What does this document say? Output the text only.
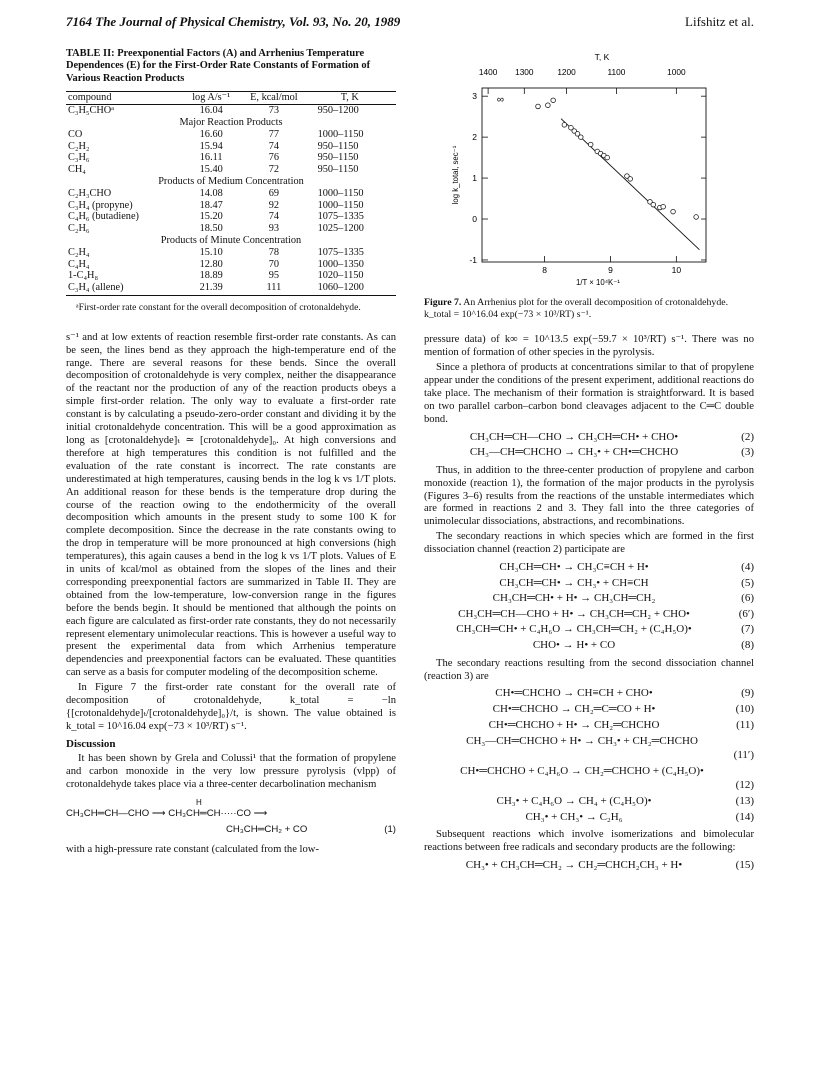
7164 The Journal of Physical Chemistry, Vol. 93, No. 20, 1989	Lifshitz et al.
TABLE II: Preexponential Factors (A) and Arrhenius Temperature Dependences (E) for the First-Order Rate Constants of Formation of Various Reaction Products
compound	log A/s⁻¹	E, kcal/mol	T, K
C₃H₅CHOᵃ	16.04	73	950–1200
Major Reaction Products			
CO	16.60	77	1000–1150
C₂H₂	15.94	74	950–1150
C₃H₆	16.11	76	950–1150
CH₄	15.40	72	950–1150
Products of Medium Concentration			
C₂H₃CHO	14.08	69	1000–1150
C₃H₄ (propyne)	18.47	92	1000–1150
C₄H₆ (butadiene)	15.20	74	1075–1335
C₂H₆	18.50	93	1025–1200
Products of Minute Concentration			
C₂H₄	15.10	78	1075–1335
C₄H₄	12.80	70	1000–1350
1-C₄H₈	18.89	95	1020–1150
C₃H₄ (allene)	21.39	111	1060–1200
ᵃFirst-order rate constant for the overall decomposition of crotonaldehyde.

s⁻¹ and at low extents of reaction resemble first-order rate constants. As can be seen, the lines bend as they approach the high-temperature end of the range. There are several reasons for these bends. Since the overall decomposition of crotonaldehyde is very complex, neither the disappearance of the reactant nor the production of any of the reaction products obeys a simple first-order relation. The only way to evaluate a first-order rate constant is by calculating a pseudo-zero-order constant and dividing it by the initial crotonaldehyde concentration. This will be a good approximation as long as [crotonaldehyde]ₜ ≃ [crotonaldehyde]₀. At high conversions and therefore at high temperatures this condition is not fulfilled and the evaluation of the rate constant is incorrect. The rate constants are underestimated at high temperatures, causing bends in the log k vs 1/T plots. An additional reason for these bends is the temperature drop during the course of the reaction owing to the endothermicity of the overall decomposition which amounts in the present study to some 100 K for complete decomposition. Since the decrease in the rate constants owing to the drop in temperature will be more pronounced at high conversions (high temperatures), this again causes a bend in the log k vs 1/T plots. Values of E in units of kcal/mol as obtained from the slopes of the lines and their corresponding preexponential factors are summarized in Table II. They are obtained from the low-temperature, low-conversion range in the figures before the bends begin. It should be mentioned that although the points on each figure are calculated as first-order rate constants, they do not necessarily represent elementary unimolecular reactions. This is however a useful way to present the experimental data from which Arrhenius temperature dependencies and preexponential factors can be evaluated. These quantities can serve as a basis for computer modeling of the decomposition scheme.

In Figure 7 the first-order rate constant for the overall rate of decomposition of crotonaldehyde, k_total = −ln {[crotonaldehyde]ₜ/[crotonaldehyde]₀}/t, is shown. The value obtained is k_total = 10^16.04 exp(−73 × 10³/RT) s⁻¹.

Discussion

It has been shown by Grela and Colussi¹ that the formation of propylene and carbon monoxide in the very low pressure pyrolysis (vlpp) of crotonaldehyde takes place via a three-center decarbolination mechanism

H
CH₃CH═CH—CHO ⟶ CH₃CH═CH·····CO ⟶
CH₃CH═CH₂ + CO	(1)

with a high-pressure rate constant (calculated from the low-

T, K
1400 1300	1200	1100	1000
8	9	10
1/T × 10⁴K⁻¹
-1
0
1
2
3
log k_total, sec⁻¹
∞
Figure 7. An Arrhenius plot for the overall decomposition of crotonaldehyde. k_total = 10^16.04 exp(−73 × 10³/RT) s⁻¹.

pressure data) of k∞ = 10^13.5 exp(−59.7 × 10³/RT) s⁻¹. There was no mention of formation of other species in the pyrolysis.

Since a plethora of products at concentrations similar to that of propylene appear under the conditions of the present experiment, additional reactions do take place. The mechanism of their formation is straightforward. It is based on two parallel carbon–carbon bond cleavages adjacent to the C═C double bond.

CH₃CH═CH—CHO → CH₃CH═CH• + CHO•	(2)
CH₃—CH═CHCHO → CH₃• + CH•═CHCHO	(3)

Thus, in addition to the three-center production of propylene and carbon monoxide (reaction 1), the formation of the major products in the pyrolysis (Figures 3–6) results from the reactions of the unstable intermediates which are formed in reactions 2 and 3. They fall into the three categories of unimolecular dissociations, abstractions, and recombinations.

The secondary reactions in which species which are formed in the first dissociation channel (reaction 2) participate are

CH₃CH═CH• → CH₃C≡CH + H•	(4)
CH₃CH═CH• → CH₃• + CH≡CH	(5)
CH₃CH═CH• + H• → CH₃CH═CH₂	(6)
CH₃CH═CH—CHO + H• → CH₃CH═CH₂ + CHO•	(6′)
CH₃CH═CH• + C₄H₆O → CH₃CH═CH₂ + (C₄H₅O)•	(7)
CHO• → H• + CO	(8)

The secondary reactions resulting from the second dissociation channel (reaction 3) are

CH•═CHCHO → CH≡CH + CHO•	(9)
CH•═CHCHO → CH₂═C═CO + H•	(10)
CH•═CHCHO + H• → CH₂═CHCHO	(11)
CH₃—CH═CHCHO + H• → CH₃• + CH₂═CHCHO
(11′)
CH•═CHCHO + C₄H₆O → CH₂═CHCHO + (C₄H₅O)•
(12)
CH₃• + C₄H₆O → CH₄ + (C₄H₅O)•	(13)
CH₃• + CH₃• → C₂H₆	(14)

Subsequent reactions which involve isomerizations and bimolecular reactions between free radicals and secondary products are the following:

CH₃• + CH₃CH═CH₂ → CH₂═CHCH₂CH₃ + H•	(15)
